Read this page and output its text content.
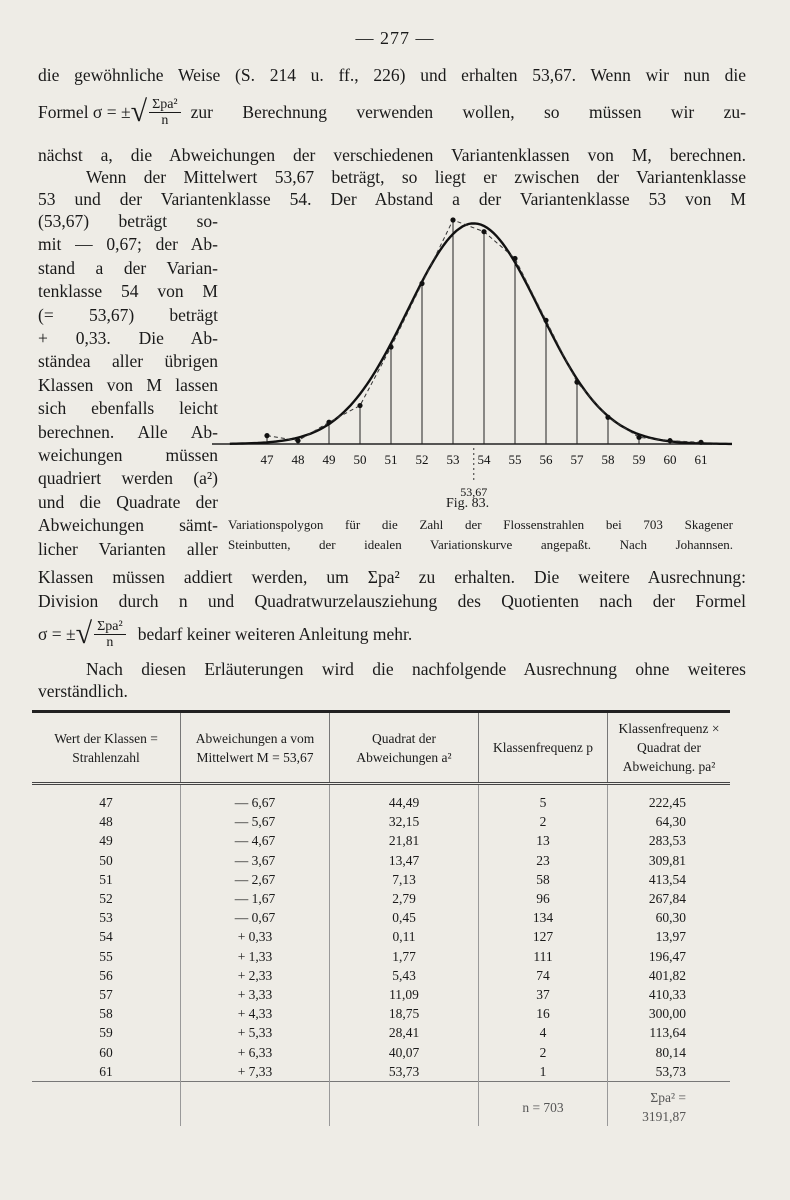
— 277 —
die gewöhnliche Weise (S. 214 u. ff., 226) und erhalten 53,67. Wenn wir nun die
Formel σ = ± √ $\frac{\text{Σpa²}}{n}$ zur Berechnung verwenden wollen, so müssen wir zu-
nächst a, die Abweichungen der verschiedenen Variantenklassen von M, berechnen.
Wenn der Mittelwert 53,67 beträgt, so liegt er zwischen der Variantenklasse
53 und der Variantenklasse 54. Der Abstand a der Variantenklasse 53 von M
(53,67) beträgt so-
mit — 0,67; der Ab-
stand a der Varian-
tenklasse 54 von M
(= 53,67) beträgt
+ 0,33. Die Ab-
ständea aller übrigen
Klassen von M lassen
sich ebenfalls leicht
berechnen. Alle Ab-
weichungen müssen
quadriert werden (a²)
und die Quadrate der
Abweichungen sämt-
licher Varianten aller
47 48 49 50 51 52 53 54 55 56 57 58 59 60 61
53,67
Fig. 83.
Variationspolygon für die Zahl der Flossenstrahlen bei 703 Skagener
Steinbutten, der idealen Variationskurve angepaßt. Nach Johannsen.
Klassen müssen addiert werden, um Σpa² zu erhalten. Die weitere Ausrechnung:
Division durch n und Quadratwurzelausziehung des Quotienten nach der Formel
σ = ± √ $\frac{\text{Σpa²}}{n}$ bedarf keiner weiteren Anleitung mehr.
Nach diesen Erläuterungen wird die nachfolgende Ausrechnung ohne weiteres
verständlich.
Wert der Klassen = Strahlenzahl	Abweichungen a vom Mittelwert M = 53,67	Quadrat der Abweichungen a²	Klassenfrequenz p	Klassenfrequenz × Quadrat der Abweichung. pa²
47	— 6,67	44,49	5	222,45
48	— 5,67	32,15	2	64,30
49	— 4,67	21,81	13	283,53
50	— 3,67	13,47	23	309,81
51	— 2,67	7,13	58	413,54
52	— 1,67	2,79	96	267,84
53	— 0,67	0,45	134	60,30
54	+ 0,33	0,11	127	13,97
55	+ 1,33	1,77	111	196,47
56	+ 2,33	5,43	74	401,82
57	+ 3,33	11,09	37	410,33
58	+ 4,33	18,75	16	300,00
59	+ 5,33	28,41	4	113,64
60	+ 6,33	40,07	2	80,14
61	+ 7,33	53,73	1	53,73
			n = 703	Σpa² = 3191,87
